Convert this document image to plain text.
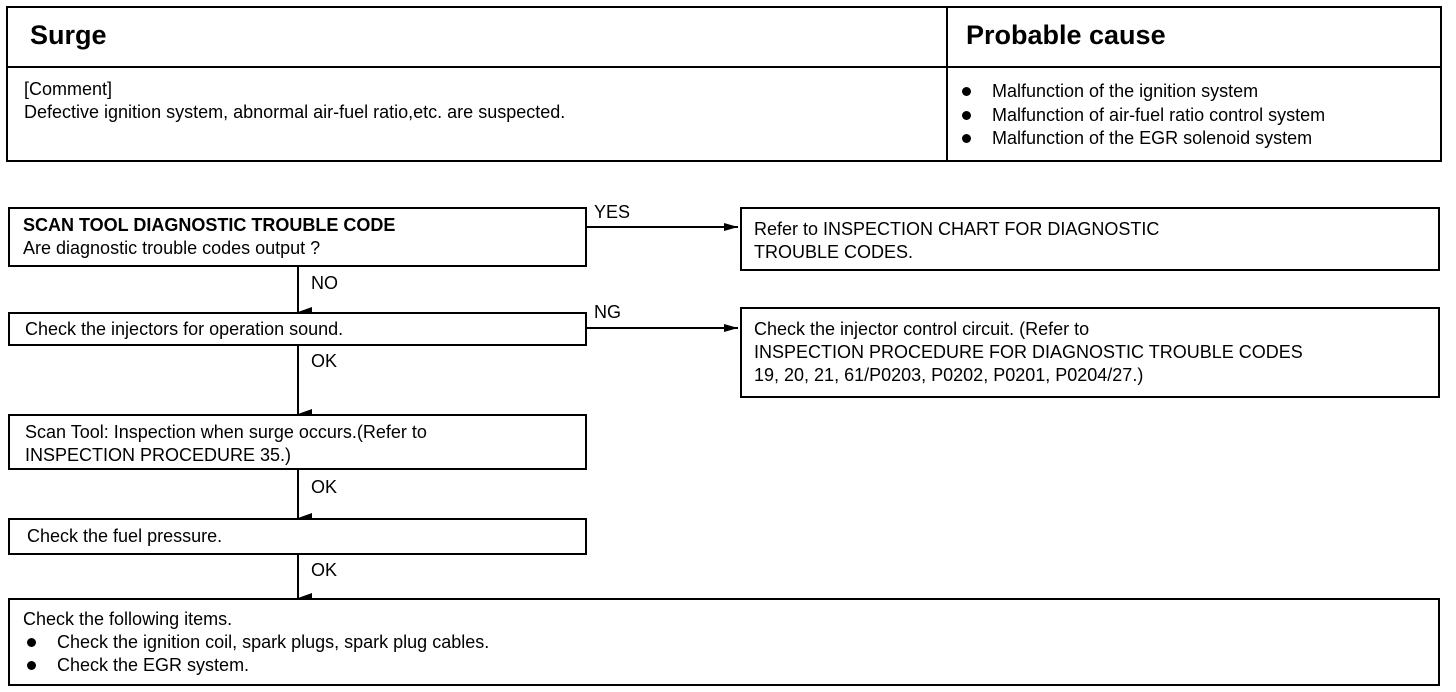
Surge	Probable cause
[Comment]
Defective ignition system, abnormal air-fuel ratio,etc. are suspected.
Malfunction of the ignition system
Malfunction of air-fuel ratio control system
Malfunction of the EGR solenoid system
SCAN TOOL DIAGNOSTIC TROUBLE CODE
Are diagnostic trouble codes output ?
YES
Refer to INSPECTION CHART FOR DIAGNOSTIC
TROUBLE CODES.
NO
Check the injectors for operation sound.
NG
Check the injector control circuit. (Refer to
INSPECTION PROCEDURE FOR DIAGNOSTIC TROUBLE CODES
19, 20, 21, 61/P0203, P0202, P0201, P0204/27.)
OK
Scan Tool: Inspection when surge occurs.(Refer to
INSPECTION PROCEDURE 35.)
OK
Check the fuel pressure.
OK
Check the following items.
Check the ignition coil, spark plugs, spark plug cables.
Check the EGR system.
